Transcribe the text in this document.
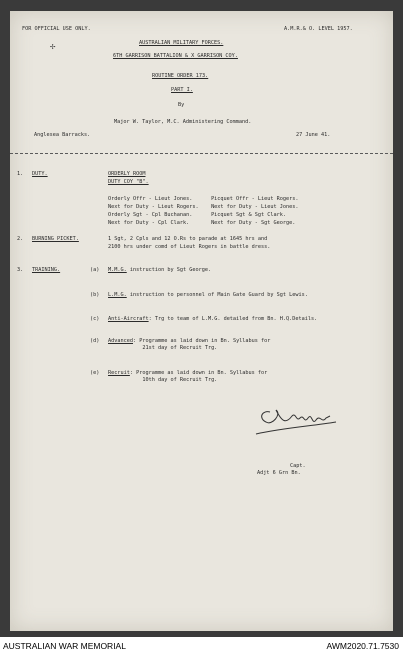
✢
FOR OFFICIAL USE ONLY.	A.M.R.& O. LEVEL 1957.
AUSTRALIAN MILITARY FORCES.
6TH GARRISON BATTALION & X GARRISON COY.
ROUTINE ORDER 173.
PART I.
By
Major W. Taylor, M.C. Administering Command.
Anglesea Barracks.	27 June 41.
1. DUTY.	ORDERLY ROOM
DUTY COY "B".
Orderly Offr - Lieut Jones.      Picquet Offr - Lieut Rogers.
Next for Duty - Lieut Rogers.    Next for Duty - Lieut Jones.
Orderly Sgt - Cpl Buchanan.      Picquet Sgt & Sgt Clark.
Next for Duty - Cpl Clark.       Next for Duty - Sgt George.
2. BURNING PICKET.	1 Sgt, 2 Cpls and 12 O.Rs to parade at 1645 hrs and
2100 hrs under comd of Lieut Rogers in battle dress.
3. TRAINING.	(a) M.M.G. instruction by Sgt George.
(b) L.M.G. instruction to personnel of Main Gate Guard by Sgt Lewis.
(c) Anti-Aircraft: Trg to team of L.M.G. detailed from Bn. H.Q.Details.
(d) Advanced: Programme as laid down in Bn. Syllabus for
21st day of Recruit Trg.
(e) Recruit: Programme as laid down in Bn. Syllabus for
10th day of Recruit Trg.
Capt.
Adjt 6 Grn Bn.
AUSTRALIAN WAR MEMORIAL	AWM2020.71.7530
